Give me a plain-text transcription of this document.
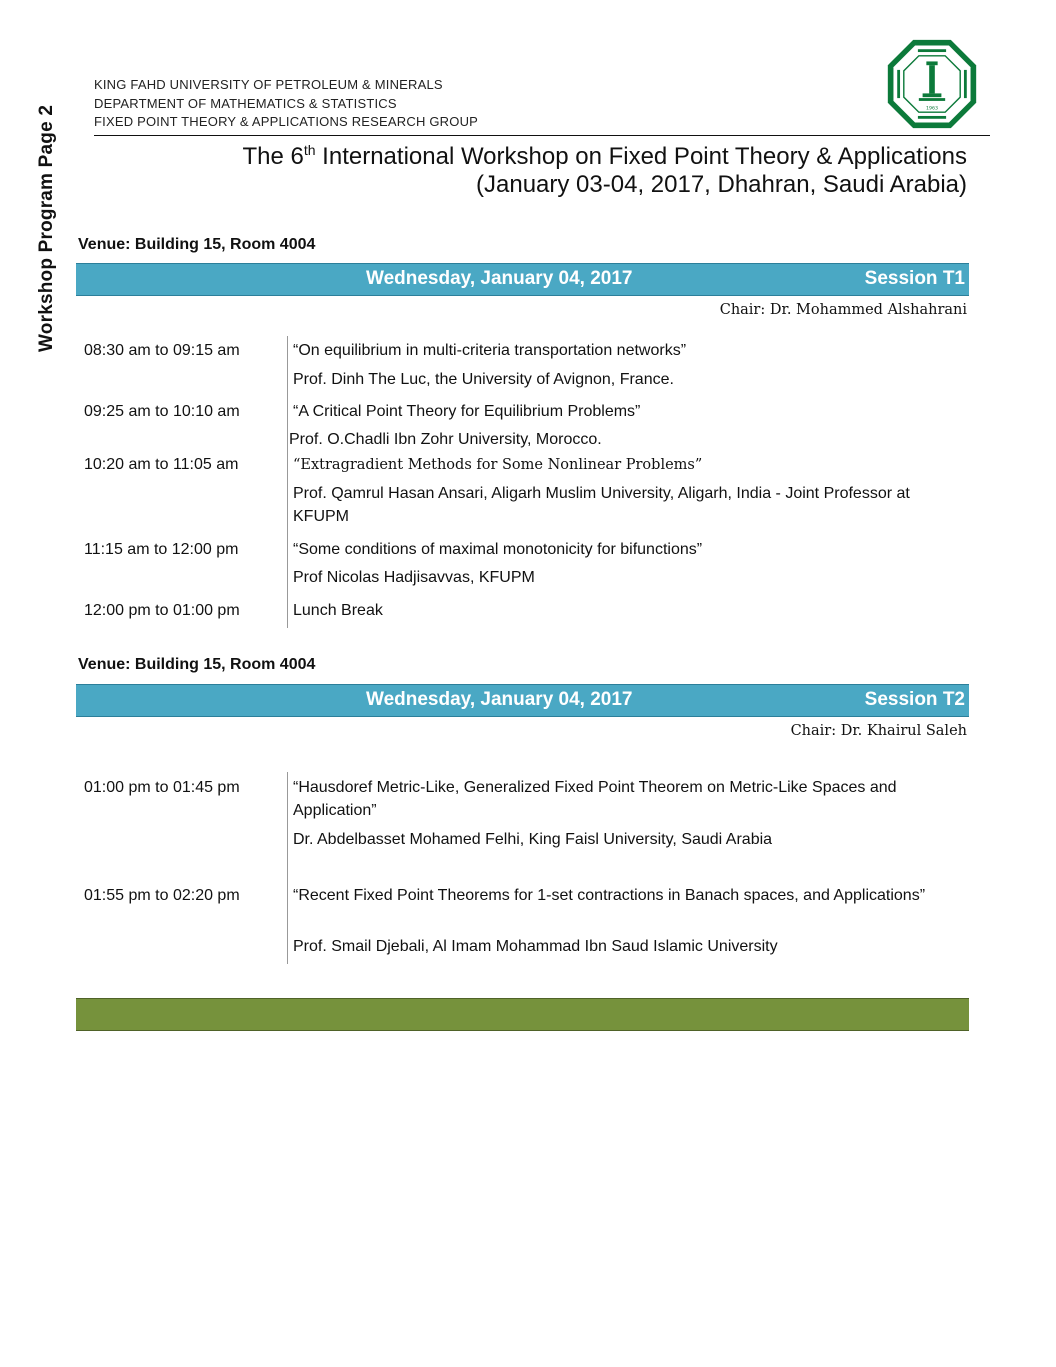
Workshop Program Page 2
KING FAHD UNIVERSITY OF PETROLEUM & MINERALS
DEPARTMENT OF MATHEMATICS & STATISTICS
FIXED POINT THEORY & APPLICATIONS RESEARCH GROUP
1963
The 6th International Workshop on Fixed Point Theory & Applications
(January 03-04, 2017, Dhahran, Saudi Arabia)
Venue: Building 15, Room 4004
Wednesday, January 04, 2017	Session T1
Chair: Dr. Mohammed Alshahrani
08:30 am to 09:15 am	“On equilibrium in multi-criteria transportation networks”
Prof. Dinh The Luc, the University of Avignon, France.
09:25 am to 10:10 am	“A Critical Point Theory for Equilibrium Problems”
Prof. O.Chadli Ibn Zohr University, Morocco.
10:20 am to 11:05 am	“Extragradient Methods for Some Nonlinear Problems”
Prof. Qamrul Hasan Ansari, Aligarh Muslim University, Aligarh, India - Joint Professor at KFUPM
11:15 am to 12:00 pm	“Some conditions of maximal monotonicity for bifunctions”
Prof Nicolas Hadjisavvas, KFUPM
12:00 pm to 01:00 pm	Lunch Break
Venue: Building 15, Room 4004
Wednesday, January 04, 2017	Session T2
Chair: Dr. Khairul Saleh
01:00 pm to 01:45 pm	“Hausdoref Metric-Like, Generalized Fixed Point Theorem on Metric-Like Spaces and Application”
Dr. Abdelbasset Mohamed Felhi, King Faisl University, Saudi Arabia
01:55 pm to 02:20 pm	“Recent Fixed Point Theorems for 1-set contractions in Banach spaces, and Applications”
Prof. Smail Djebali, Al Imam Mohammad Ibn Saud Islamic University
